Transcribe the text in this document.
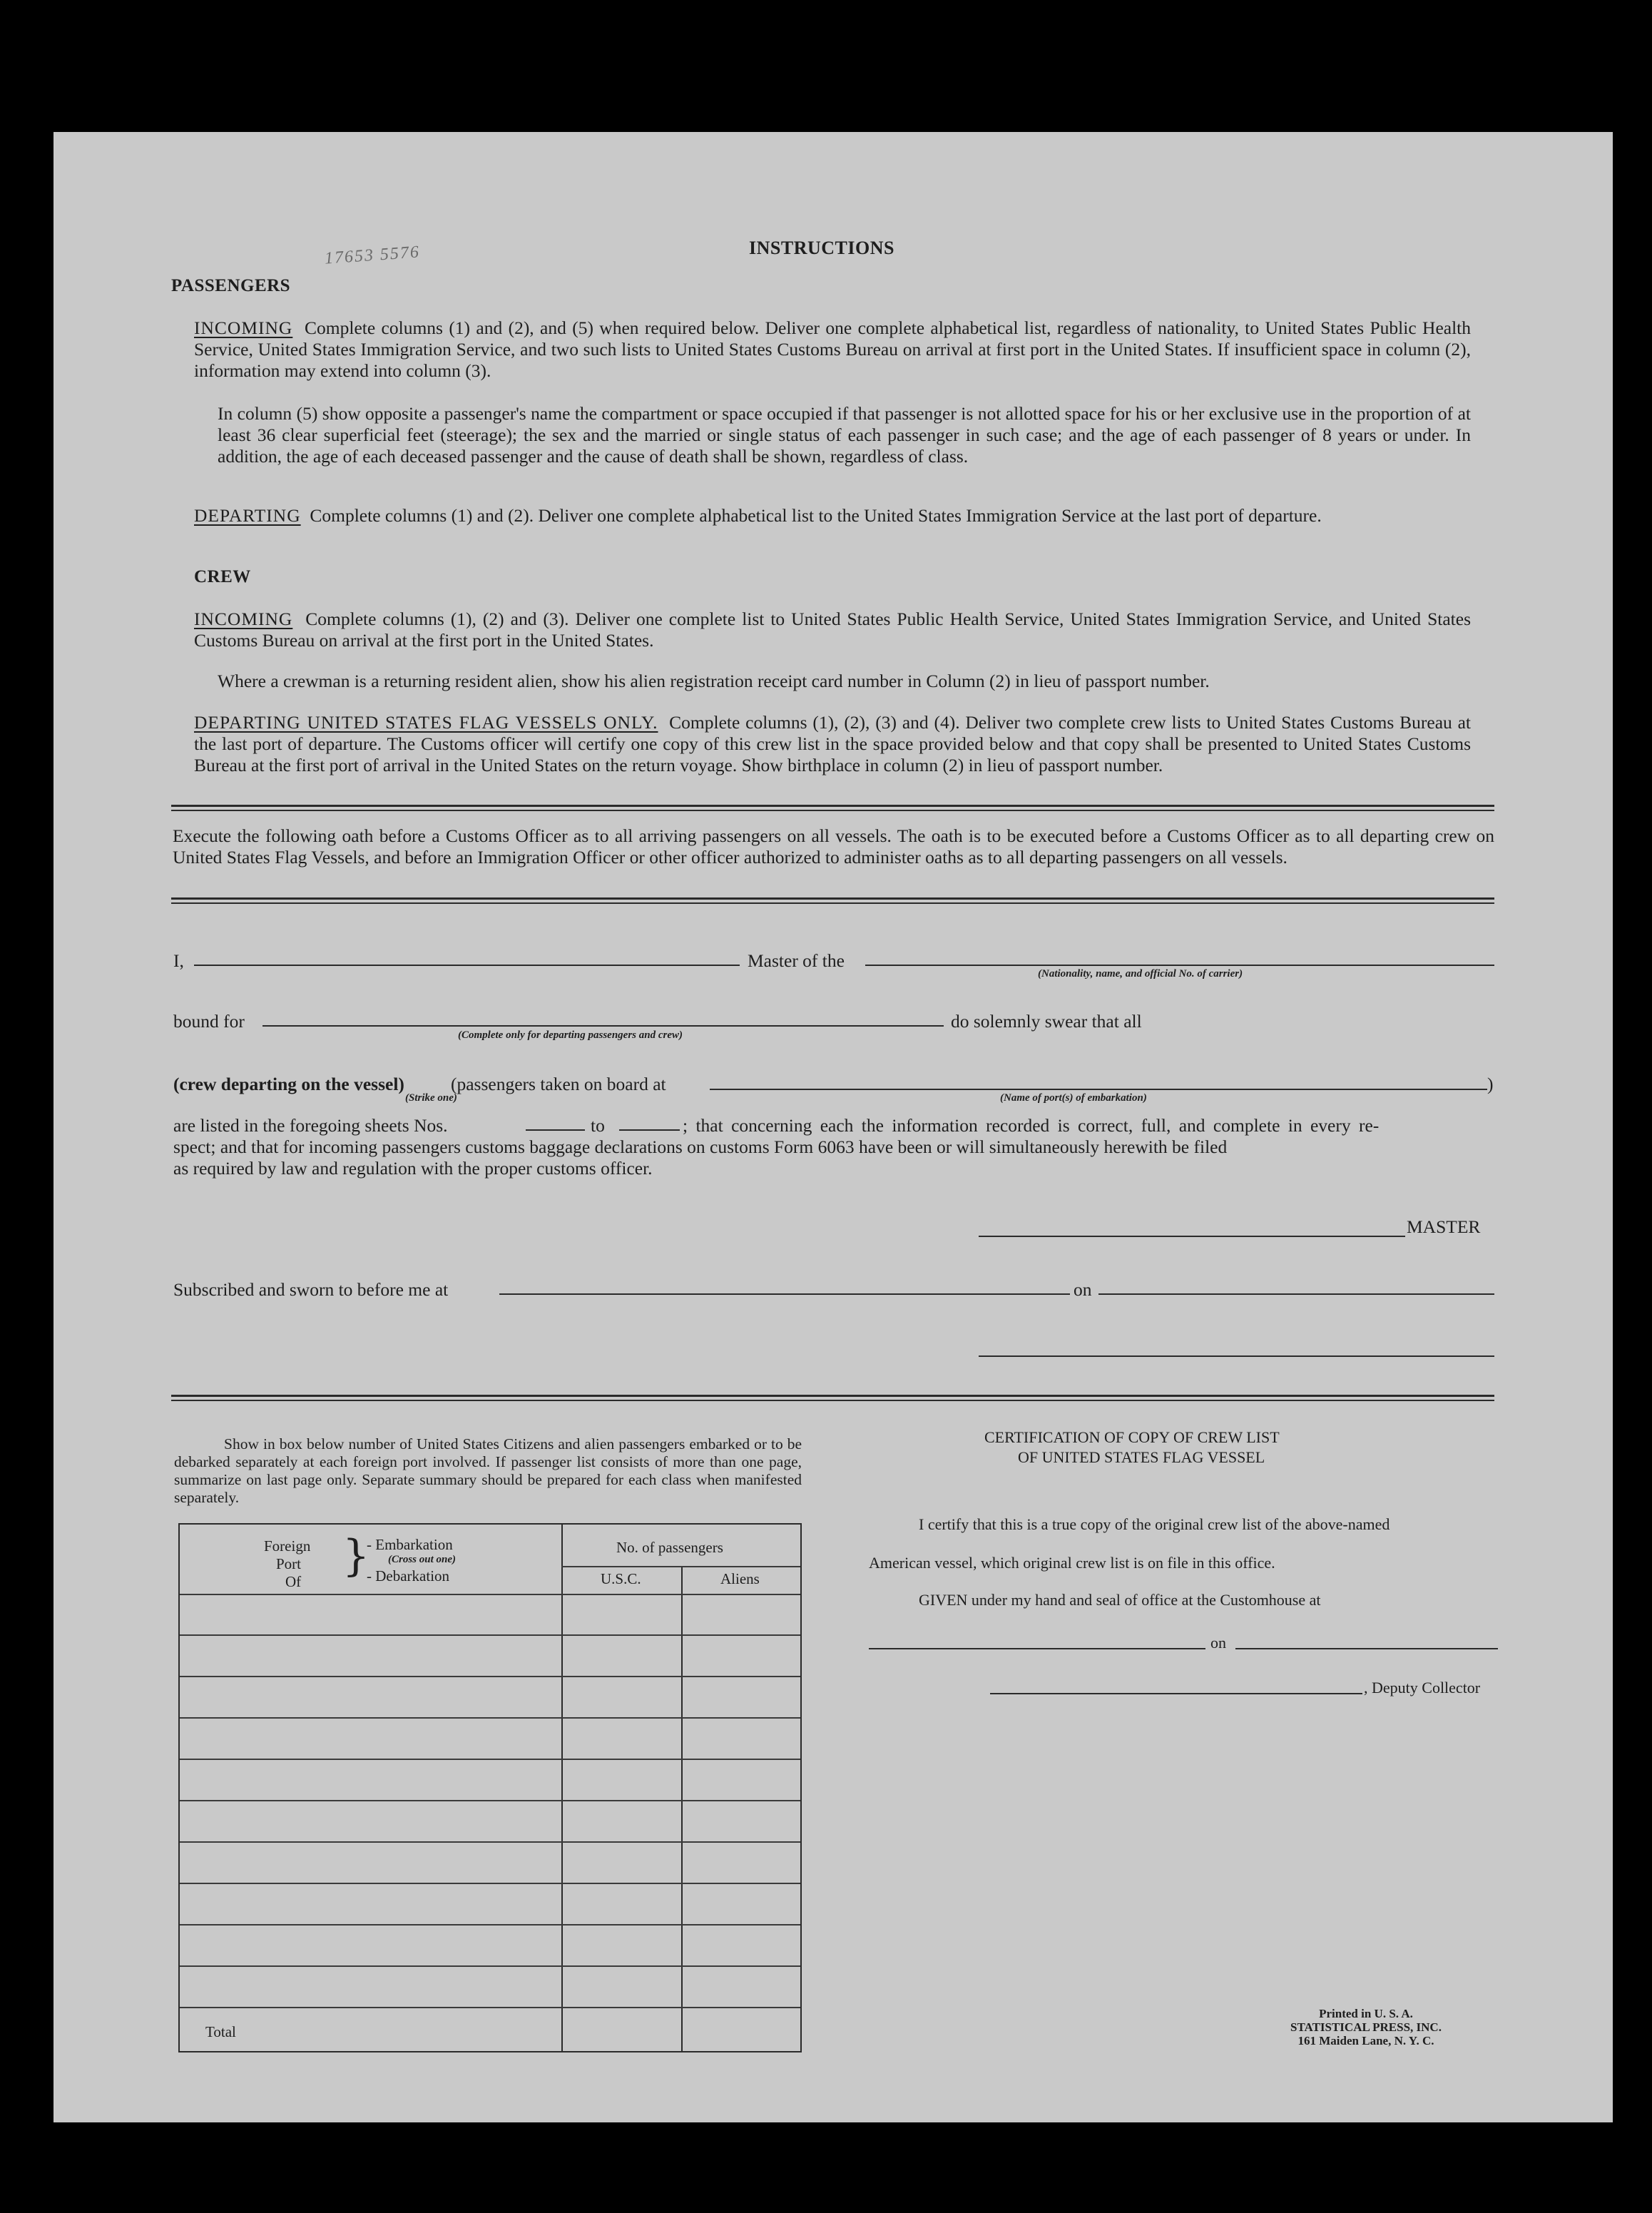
17653 5576	INSTRUCTIONS
PASSENGERS

INCOMING Complete columns (1) and (2), and (5) when required below. Deliver one complete alphabetical list, regardless of nationality, to United States Public Health Service, United States Immigration Service, and two such lists to United States Customs Bureau on arrival at first port in the United States. If insufficient space in column (2), information may extend into column (3).

In column (5) show opposite a passenger's name the compartment or space occupied if that passenger is not allotted space for his or her exclusive use in the proportion of at least 36 clear superficial feet (steerage); the sex and the married or single status of each passenger in such case; and the age of each passenger of 8 years or under. In addition, the age of each deceased passenger and the cause of death shall be shown, regardless of class.

DEPARTING Complete columns (1) and (2). Deliver one complete alphabetical list to the United States Immigration Service at the last port of departure.

CREW

INCOMING Complete columns (1), (2) and (3). Deliver one complete list to United States Public Health Service, United States Immigration Service, and United States Customs Bureau on arrival at the first port in the United States.

Where a crewman is a returning resident alien, show his alien registration receipt card number in Column (2) in lieu of passport number.

DEPARTING UNITED STATES FLAG VESSELS ONLY. Complete columns (1), (2), (3) and (4). Deliver two complete crew lists to United States Customs Bureau at the last port of departure. The Customs officer will certify one copy of this crew list in the space provided below and that copy shall be presented to United States Customs Bureau at the first port of arrival in the United States on the return voyage. Show birthplace in column (2) in lieu of passport number.

Execute the following oath before a Customs Officer as to all arriving passengers on all vessels. The oath is to be executed before a Customs Officer as to all departing crew on United States Flag Vessels, and before an Immigration Officer or other officer authorized to administer oaths as to all departing passengers on all vessels.

I,	Master of the
(Nationality, name, and official No. of carrier)
bound for
(Complete only for departing passengers and crew)
do solemnly swear that all
(crew departing on the vessel)
(Strike one)
(passengers taken on board at	)
(Name of port(s) of embarkation)
are listed in the foregoing sheets Nos.	to	; that concerning each the information recorded is correct, full, and complete in every re-
spect; and that for incoming passengers customs baggage declarations on customs Form 6063 have been or will simultaneously herewith be filed
as required by law and regulation with the proper customs officer.
MASTER
Subscribed and sworn to before me at	on

Show in box below number of United States Citizens and alien passengers embarked or to be debarked separately at each foreign port involved. If passenger list consists of more than one page, summarize on last page only. Separate summary should be prepared for each class when manifested separately.

Foreign
Port
Of
}
- Embarkation
(Cross out one)
- Debarkation
No. of passengers
U.S.C.	Aliens
Total
CERTIFICATION OF COPY OF CREW LIST
OF UNITED STATES FLAG VESSEL
I certify that this is a true copy of the original crew list of the above-named
American vessel, which original crew list is on file in this office.
GIVEN under my hand and seal of office at the Customhouse at
on
, Deputy Collector
Printed in U. S. A.
STATISTICAL PRESS, INC.
161 Maiden Lane, N. Y. C.
